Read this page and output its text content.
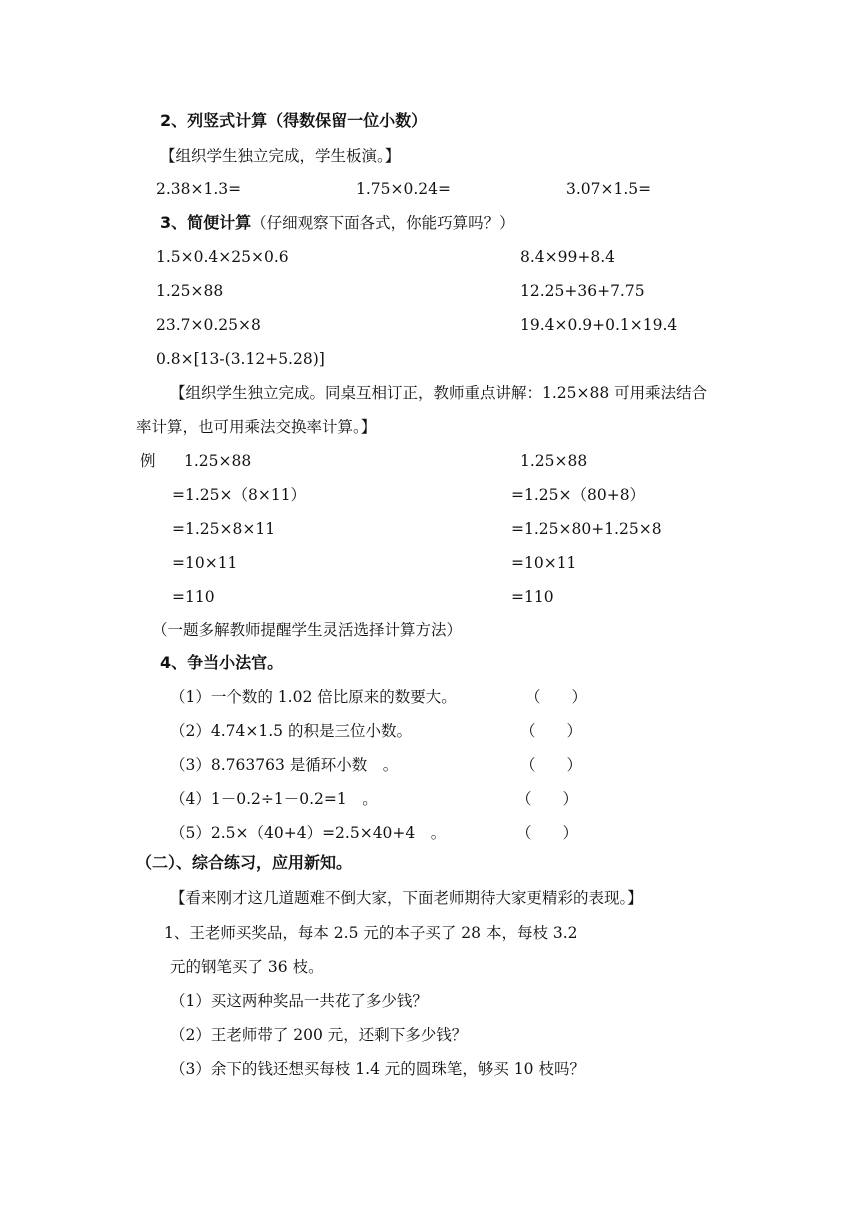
2、列竖式计算（得数保留一位小数）
【组织学生独立完成，学生板演。】
2.38×1.3=	1.75×0.24=	3.07×1.5=
3、简便计算（仔细观察下面各式，你能巧算吗？）
1.5×0.4×25×0.6	8.4×99+8.4
1.25×88	12.25+36+7.75
23.7×0.25×8	19.4×0.9+0.1×19.4
0.8×[13-(3.12+5.28)]
【组织学生独立完成。同桌互相订正，教师重点讲解：1.25×88 可用乘法结合
率计算，也可用乘法交换率计算。】
例 1.25×88	1.25×88
=1.25×（8×11）	=1.25×（80+8）
=1.25×8×11	=1.25×80+1.25×8
=10×11	=10×11
=110	=110
（一题多解教师提醒学生灵活选择计算方法）
4、争当小法官。
（1）一个数的 1.02 倍比原来的数要大。	（　　）
（2）4.74×1.5 的积是三位小数。	（　　）
（3）8.763763 是循环小数　。	（　　）
（4）1－0.2÷1－0.2=1　。	（　　）
（5）2.5×（40+4）=2.5×40+4　。	（　　）
（二）、综合练习，应用新知。
【看来刚才这几道题难不倒大家，下面老师期待大家更精彩的表现。】
1、王老师买奖品，每本 2.5 元的本子买了 28 本，每枝 3.2
元的钢笔买了 36 枝。
（1）买这两种奖品一共花了多少钱？
（2）王老师带了 200 元，还剩下多少钱？
（3）余下的钱还想买每枝 1.4 元的圆珠笔，够买 10 枝吗？
